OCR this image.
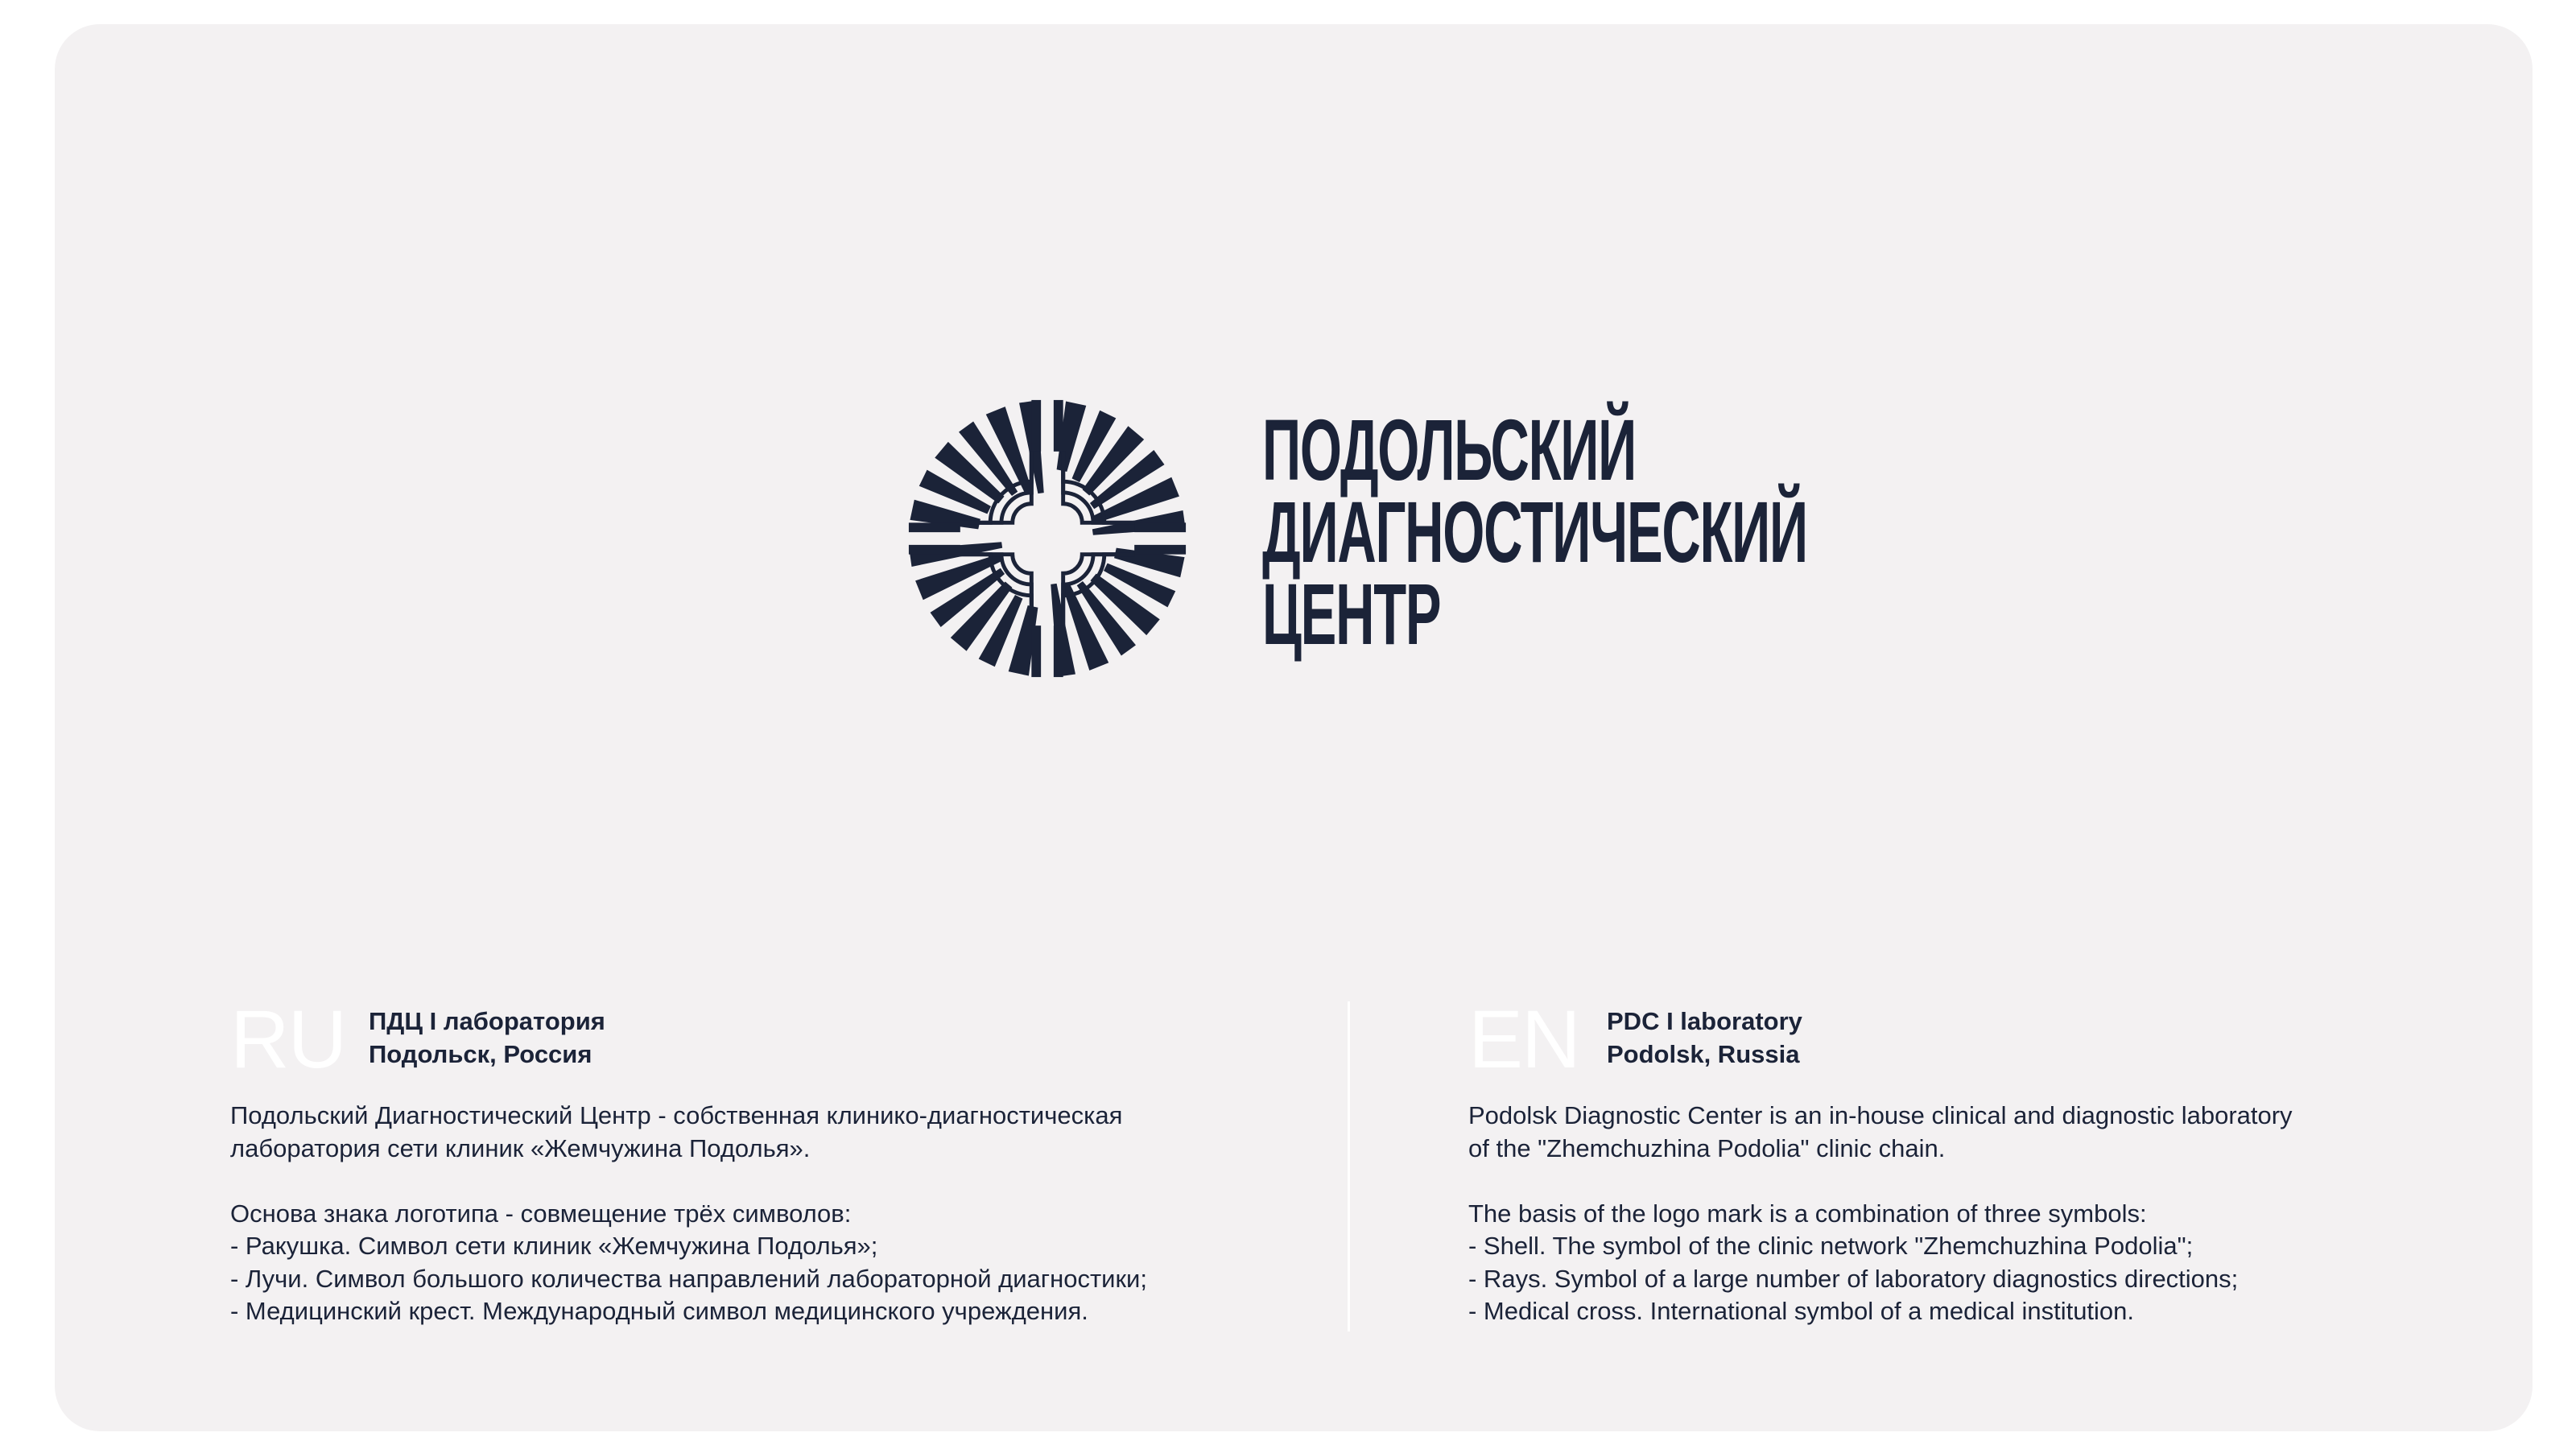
ПОДОЛЬСКИЙ
ДИАГНОСТИЧЕСКИЙ
ЦЕНТР
RU ПДЦ I лаборатория
Подольск, Россия
Подольский Диагностический Центр - собственная клинико-диагностическая
лаборатория сети клиник «Жемчужина Подолья».
Основа знака логотипа - совмещение трёх символов:
- Ракушка. Символ сети клиник «Жемчужина Подолья»;
- Лучи. Символ большого количества направлений лабораторной диагностики;
- Медицинский крест. Международный символ медицинского учреждения.
EN PDC I laboratory
Podolsk, Russia
Podolsk Diagnostic Center is an in-house clinical and diagnostic laboratory
of the "Zhemchuzhina Podolia" clinic chain.
The basis of the logo mark is a combination of three symbols:
- Shell. The symbol of the clinic network "Zhemchuzhina Podolia";
- Rays. Symbol of a large number of laboratory diagnostics directions;
- Medical cross. International symbol of a medical institution.
